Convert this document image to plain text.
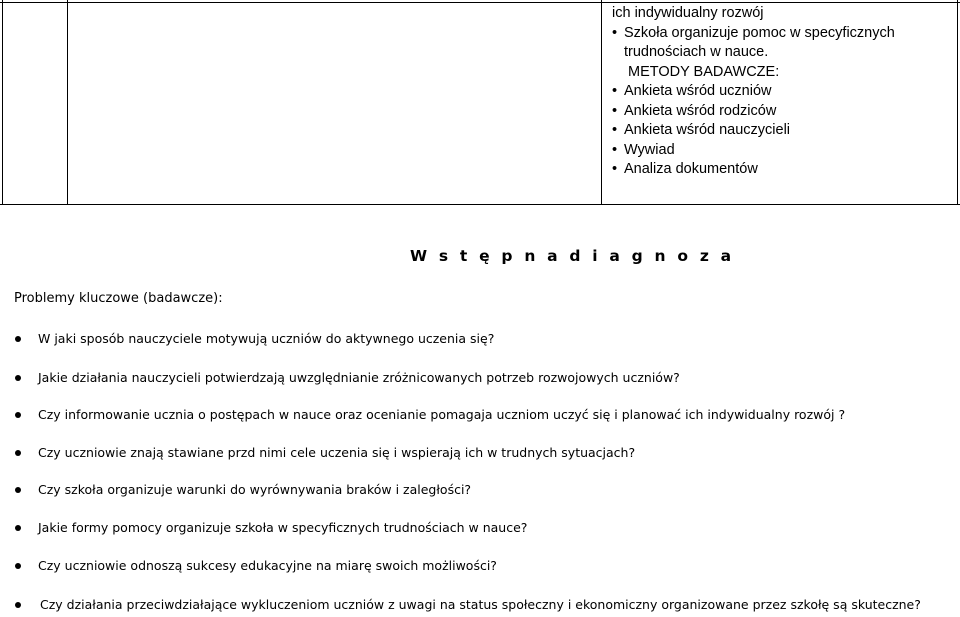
ich indywidualny rozwój
• Szkoła organizuje pomoc w specyficznych
trudnościach w nauce.
METODY BADAWCZE:
• Ankieta wśród uczniów
• Ankieta wśród rodziców
• Ankieta wśród nauczycieli
• Wywiad
• Analiza dokumentów
W s t ę p n a d i a g n o z a
Problemy kluczowe (badawcze):
W jaki sposób nauczyciele motywują uczniów do aktywnego uczenia się?
Jakie działania nauczycieli potwierdzają uwzględnianie zróżnicowanych potrzeb rozwojowych uczniów?
Czy informowanie ucznia o postępach w nauce oraz ocenianie pomagaja uczniom uczyć się i planować ich indywidualny rozwój ?
Czy uczniowie znają stawiane przd nimi cele uczenia się i wspierają ich w trudnych sytuacjach?
Czy szkoła organizuje warunki do wyrównywania braków i zaległości?
Jakie formy pomocy organizuje szkoła w specyficznych trudnościach w nauce?
Czy uczniowie odnoszą sukcesy edukacyjne na miarę swoich możliwości?
Czy działania przeciwdziałające wykluczeniom uczniów z uwagi na status społeczny i ekonomiczny organizowane przez szkołę są skuteczne?
